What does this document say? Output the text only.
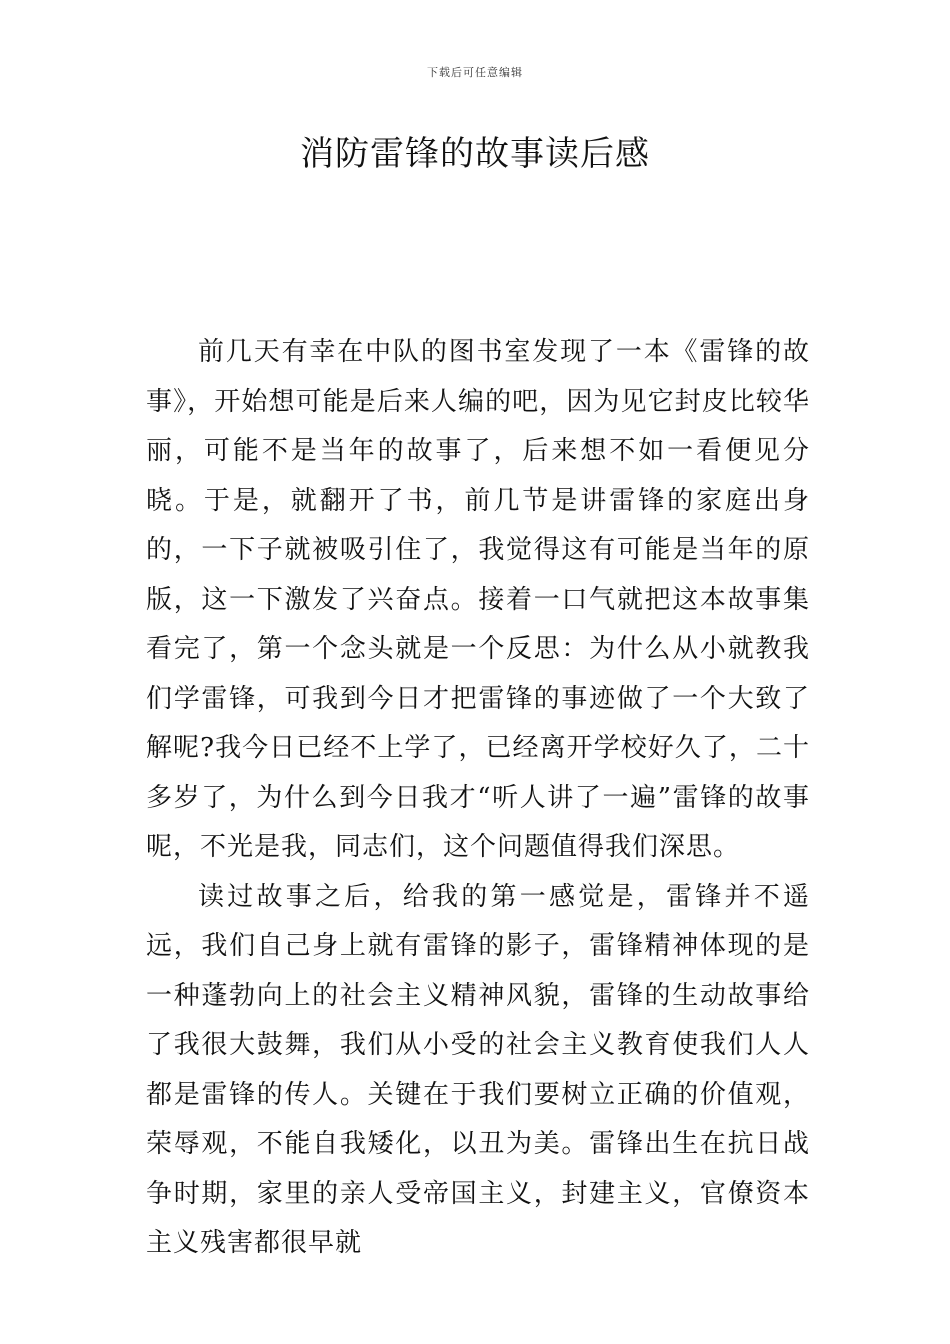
下载后可任意编辑
消防雷锋的故事读后感

前几天有幸在中队的图书室发现了一本《雷锋的故事》，开始想可能是后来人编的吧，因为见它封皮比较华丽，可能不是当年的故事了，后来想不如一看便见分晓。于是，就翻开了书，前几节是讲雷锋的家庭出身的，一下子就被吸引住了，我觉得这有可能是当年的原版，这一下激发了兴奋点。接着一口气就把这本故事集看完了，第一个念头就是一个反思：为什么从小就教我们学雷锋，可我到今日才把雷锋的事迹做了一个大致了解呢?我今日已经不上学了，已经离开学校好久了，二十多岁了，为什么到今日我才“听人讲了一遍”雷锋的故事呢，不光是我，同志们，这个问题值得我们深思。

读过故事之后，给我的第一感觉是，雷锋并不遥远，我们自己身上就有雷锋的影子，雷锋精神体现的是一种蓬勃向上的社会主义精神风貌，雷锋的生动故事给了我很大鼓舞，我们从小受的社会主义教育使我们人人都是雷锋的传人。关键在于我们要树立正确的价值观，荣辱观，不能自我矮化，以丑为美。雷锋出生在抗日战争时期，家里的亲人受帝国主义，封建主义，官僚资本主义残害都很早就
